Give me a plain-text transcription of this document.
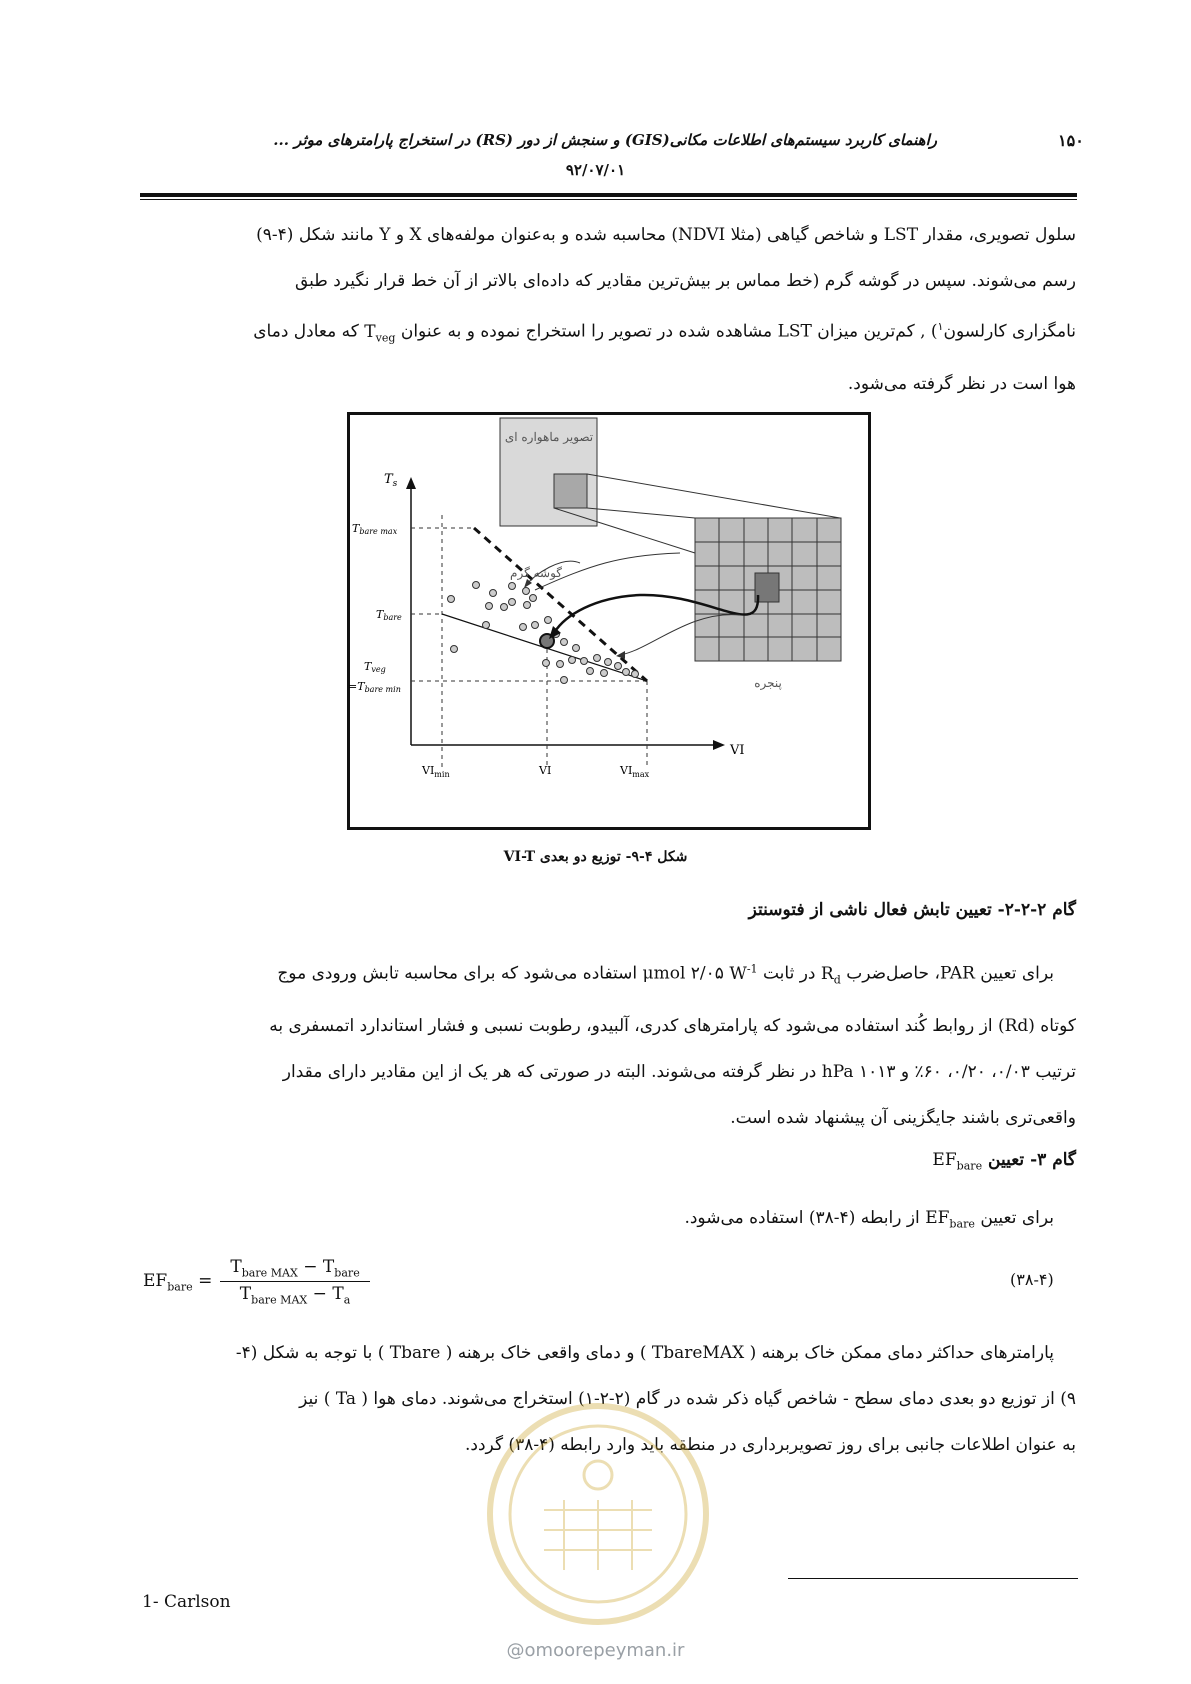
راهنمای کاربرد سیستم‌های اطلاعات مکانی(GIS) و سنجش از دور (RS) در استخراج پارامترهای موثر ...	۱۵۰
۹۲/۰۷/۰۱

سلول تصویری، مقدار LST و شاخص گیاهی (مثلا NDVI) محاسبه شده و به‌عنوان مولفه‌های X و Y مانند شکل (۴-۹)

رسم می‌شوند. سپس در گوشه گرم (خط مماس بر بیش‌ترین مقادیر که داده‌ای بالاتر از آن خط قرار نگیرد طبق

نامگزاری کارلسون$^۱$) , کم‌ترین میزان LST مشاهده شده در تصویر را استخراج نموده و به عنوان $T_{veg}$ که معادل دمای

هوا است در نظر گرفته می‌شود.

تصویر ماهواره ای
پنجره
$T_s$
VI
گوشه گرم
Tbare max
Tbare
Tveg
=Tbare min
$VI_{min}$	VI	$VI_{max}$
شکل ۴-۹- توزیع دو بعدی VI-T
گام ۲-۲-۲- تعیین تابش فعال ناشی از فتوسنتز

برای تعیین PAR، حاصل‌ضرب $R_d$ در ثابت $W^{-1}$ μmol ۲/۰۵ استفاده می‌شود که برای محاسبه تابش ورودی موج

کوتاه (Rd) از روابط کُند استفاده می‌شود که پارامترهای کدری، آلبیدو، رطوبت نسبی و فشار استاندارد اتمسفری به

ترتیب ۰/۰۳، ۰/۲۰، ۶۰٪ و ۱۰۱۳ hPa در نظر گرفته می‌شوند. البته در صورتی که هر یک از این مقادیر دارای مقدار

واقعی‌تری باشند جایگزینی آن پیشنهاد شده است.

گام ۳- تعیین $EF_{bare}$

برای تعیین $EF_{bare}$ از رابطه (۴-۳۸) استفاده می‌شود.

$EF_{bare}$ =	$T_{bare MAX} - T_{bare}$
$T_{bare MAX} - T_a$
(۳۸-۴)

پارامترهای حداکثر دمای ممکن خاک برهنه ( TbareMAX ) و دمای واقعی خاک برهنه ( Tbare ) با توجه به شکل (۴-

۹) از توزیع دو بعدی دمای سطح - شاخص گیاه ذکر شده در گام (۲-۲-۱) استخراج می‌شوند. دمای هوا ( Ta ) نیز

به عنوان اطلاعات جانبی برای روز تصویربرداری در منطقه باید وارد رابطه (۴-۳۸) گردد.

1- Carlson
@omoorepeyman.ir
